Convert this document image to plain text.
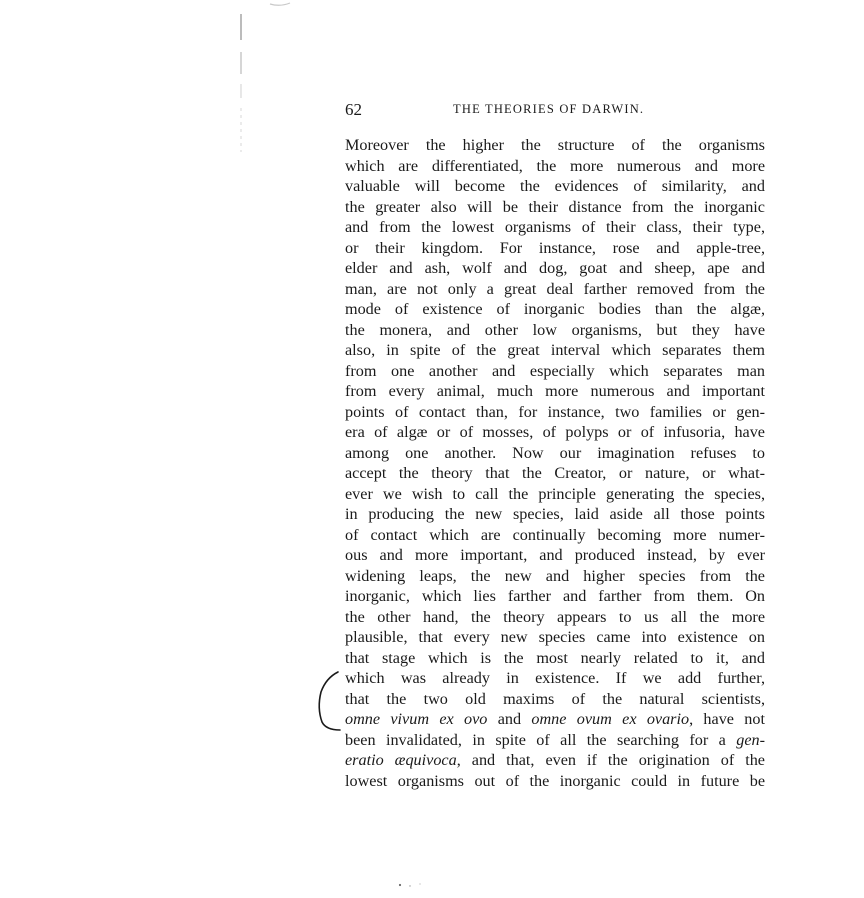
62	THE THEORIES OF DARWIN.
Moreover the higher the structure of the organisms
which are differentiated, the more numerous and more
valuable will become the evidences of similarity, and
the greater also will be their distance from the inorganic
and from the lowest organisms of their class, their type,
or their kingdom. For instance, rose and apple-tree,
elder and ash, wolf and dog, goat and sheep, ape and
man, are not only a great deal farther removed from the
mode of existence of inorganic bodies than the algæ,
the monera, and other low organisms, but they have
also, in spite of the great interval which separates them
from one another and especially which separates man
from every animal, much more numerous and important
points of contact than, for instance, two families or gen-
era of algæ or of mosses, of polyps or of infusoria, have
among one another. Now our imagination refuses to
accept the theory that the Creator, or nature, or what-
ever we wish to call the principle generating the species,
in producing the new species, laid aside all those points
of contact which are continually becoming more numer-
ous and more important, and produced instead, by ever
widening leaps, the new and higher species from the
inorganic, which lies farther and farther from them. On
the other hand, the theory appears to us all the more
plausible, that every new species came into existence on
that stage which is the most nearly related to it, and
which was already in existence. If we add further,
that the two old maxims of the natural scientists,
omne vivum ex ovo and omne ovum ex ovario, have not
been invalidated, in spite of all the searching for a gen-
eratio æquivoca, and that, even if the origination of the
lowest organisms out of the inorganic could in future be
